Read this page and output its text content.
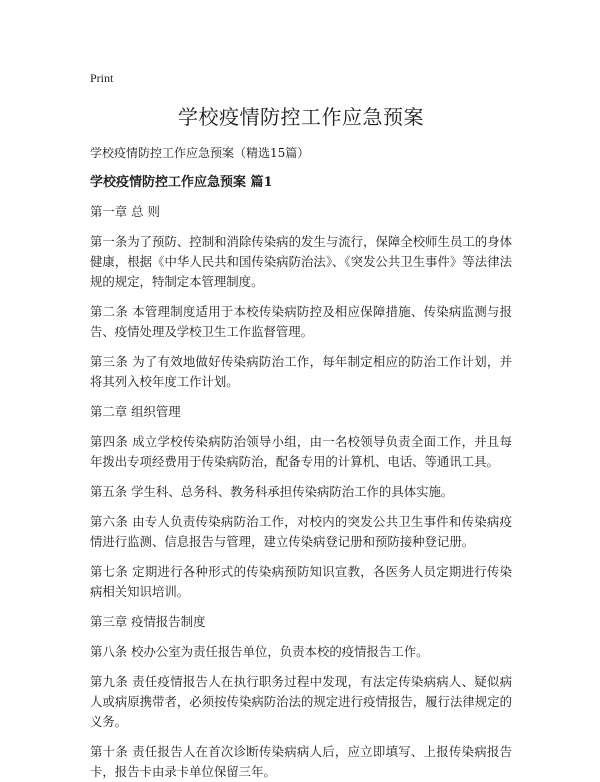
Print
学校疫情防控工作应急预案

学校疫情防控工作应急预案（精选15篇）

学校疫情防控工作应急预案 篇1

第一章 总 则

第一条为了预防、控制和消除传染病的发生与流行，保障全校师生员工的身体健康，根据《中华人民共和国传染病防治法》、《突发公共卫生事件》等法律法规的规定，特制定本管理制度。

第二条 本管理制度适用于本校传染病防控及相应保障措施、传染病监测与报告、疫情处理及学校卫生工作监督管理。

第三条 为了有效地做好传染病防治工作，每年制定相应的防治工作计划，并将其列入校年度工作计划。

第二章 组织管理

第四条 成立学校传染病防治领导小组，由一名校领导负责全面工作，并且每年拨出专项经费用于传染病防治，配备专用的计算机、电话、等通讯工具。

第五条 学生科、总务科、教务科承担传染病防治工作的具体实施。

第六条 由专人负责传染病防治工作，对校内的突发公共卫生事件和传染病疫情进行监测、信息报告与管理，建立传染病登记册和预防接种登记册。

第七条 定期进行各种形式的传染病预防知识宣教，各医务人员定期进行传染病相关知识培训。

第三章 疫情报告制度

第八条 校办公室为责任报告单位，负责本校的疫情报告工作。

第九条 责任疫情报告人在执行职务过程中发现，有法定传染病病人、疑似病人或病原携带者，必须按传染病防治法的规定进行疫情报告，履行法律规定的义务。

第十条 责任报告人在首次诊断传染病病人后，应立即填写、上报传染病报告卡，报告卡由录卡单位保留三年。
